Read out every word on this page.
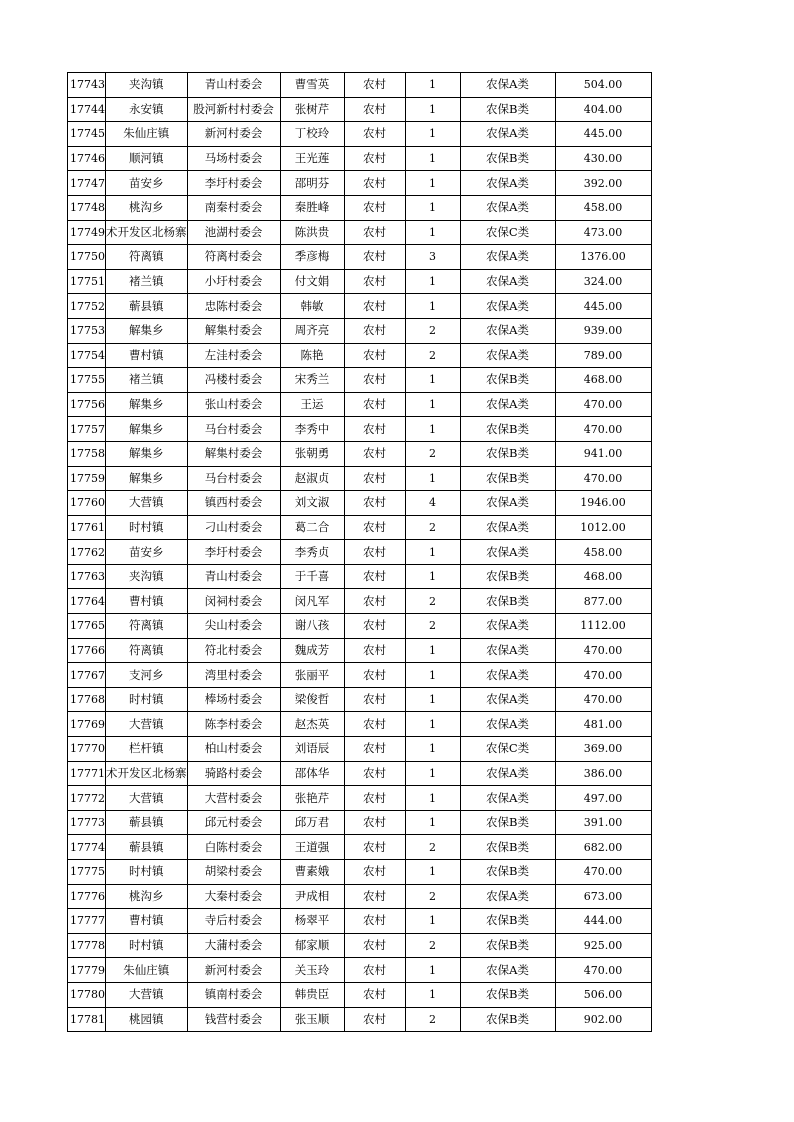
17743	夹沟镇	青山村委会	曹雪英	农村	1	农保A类	504.00
17744	永安镇	股河新村村委会	张树芹	农村	1	农保B类	404.00
17745	朱仙庄镇	新河村委会	丁校玲	农村	1	农保A类	445.00
17746	顺河镇	马场村委会	王光莲	农村	1	农保B类	430.00
17747	苗安乡	李圩村委会	邵明芬	农村	1	农保A类	392.00
17748	桃沟乡	南秦村委会	秦胜峰	农村	1	农保A类	458.00
17749	术开发区北杨寨	池湖村委会	陈洪贵	农村	1	农保C类	473.00
17750	符离镇	符离村委会	季彦梅	农村	3	农保A类	1376.00
17751	褚兰镇	小圩村委会	付文娟	农村	1	农保A类	324.00
17752	蕲县镇	忠陈村委会	韩敏	农村	1	农保A类	445.00
17753	解集乡	解集村委会	周齐亮	农村	2	农保A类	939.00
17754	曹村镇	左洼村委会	陈艳	农村	2	农保A类	789.00
17755	褚兰镇	冯楼村委会	宋秀兰	农村	1	农保B类	468.00
17756	解集乡	张山村委会	王运	农村	1	农保A类	470.00
17757	解集乡	马台村委会	李秀中	农村	1	农保B类	470.00
17758	解集乡	解集村委会	张朝勇	农村	2	农保B类	941.00
17759	解集乡	马台村委会	赵淑贞	农村	1	农保B类	470.00
17760	大营镇	镇西村委会	刘文淑	农村	4	农保A类	1946.00
17761	时村镇	刁山村委会	葛二合	农村	2	农保A类	1012.00
17762	苗安乡	李圩村委会	李秀贞	农村	1	农保A类	458.00
17763	夹沟镇	青山村委会	于千喜	农村	1	农保B类	468.00
17764	曹村镇	闵祠村委会	闵凡军	农村	2	农保B类	877.00
17765	符离镇	尖山村委会	谢八孩	农村	2	农保A类	1112.00
17766	符离镇	符北村委会	魏成芳	农村	1	农保A类	470.00
17767	支河乡	湾里村委会	张丽平	农村	1	农保A类	470.00
17768	时村镇	棒场村委会	梁俊哲	农村	1	农保A类	470.00
17769	大营镇	陈李村委会	赵杰英	农村	1	农保A类	481.00
17770	栏杆镇	柏山村委会	刘语辰	农村	1	农保C类	369.00
17771	术开发区北杨寨	骑路村委会	邵体华	农村	1	农保A类	386.00
17772	大营镇	大营村委会	张艳芹	农村	1	农保A类	497.00
17773	蕲县镇	邱元村委会	邱万君	农村	1	农保B类	391.00
17774	蕲县镇	白陈村委会	王道强	农村	2	农保B类	682.00
17775	时村镇	胡梁村委会	曹素娥	农村	1	农保B类	470.00
17776	桃沟乡	大秦村委会	尹成相	农村	2	农保A类	673.00
17777	曹村镇	寺后村委会	杨翠平	农村	1	农保B类	444.00
17778	时村镇	大蒲村委会	郁家顺	农村	2	农保B类	925.00
17779	朱仙庄镇	新河村委会	关玉玲	农村	1	农保A类	470.00
17780	大营镇	镇南村委会	韩贵臣	农村	1	农保B类	506.00
17781	桃园镇	钱营村委会	张玉顺	农村	2	农保B类	902.00
